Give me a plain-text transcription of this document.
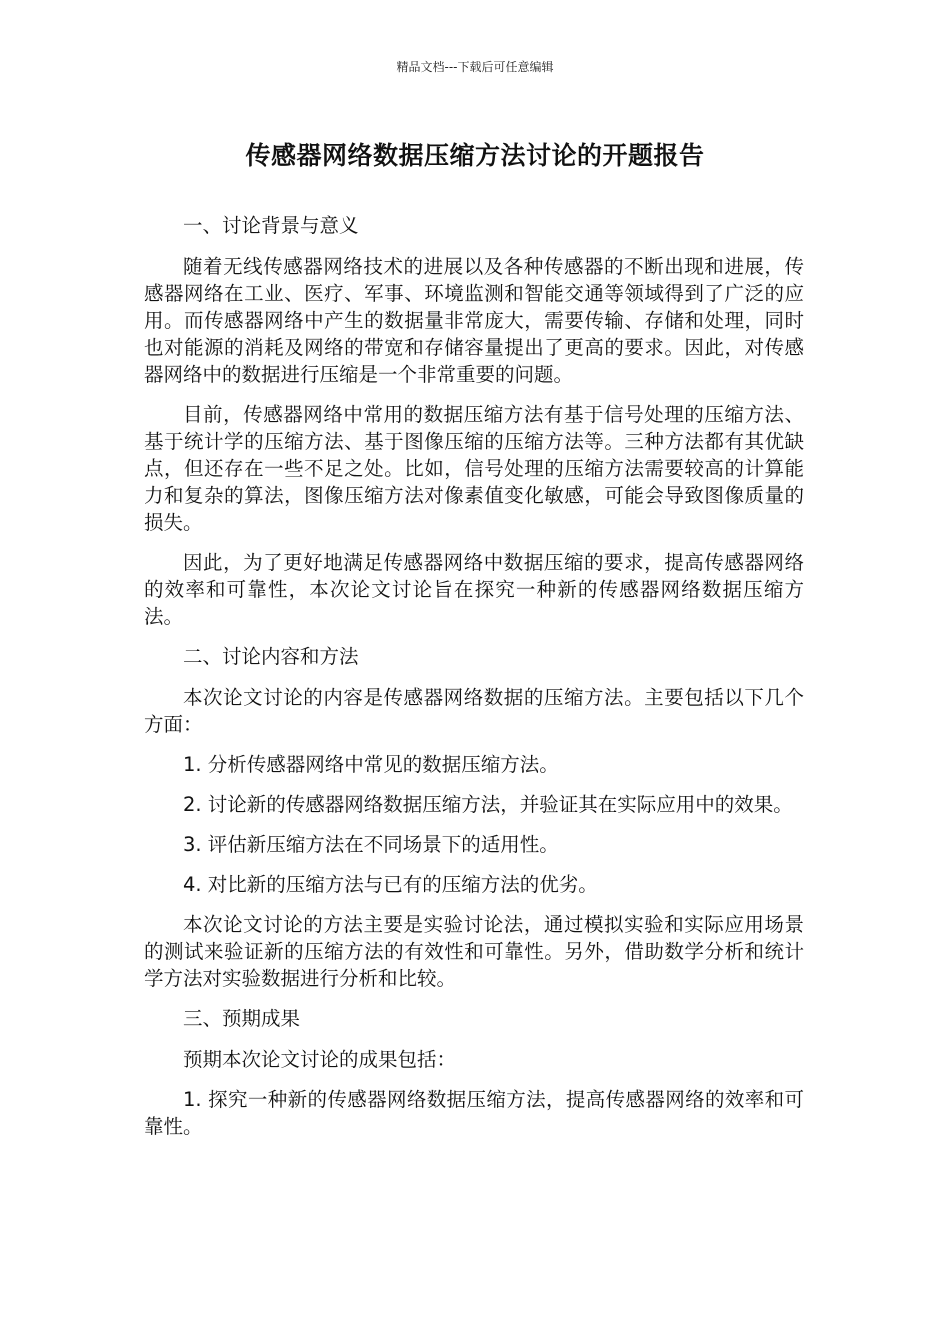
精品文档---下载后可任意编辑
传感器网络数据压缩方法讨论的开题报告

一、讨论背景与意义

随着无线传感器网络技术的进展以及各种传感器的不断出现和进展，传感器网络在工业、医疗、军事、环境监测和智能交通等领域得到了广泛的应用。而传感器网络中产生的数据量非常庞大，需要传输、存储和处理，同时也对能源的消耗及网络的带宽和存储容量提出了更高的要求。因此，对传感器网络中的数据进行压缩是一个非常重要的问题。

目前，传感器网络中常用的数据压缩方法有基于信号处理的压缩方法、基于统计学的压缩方法、基于图像压缩的压缩方法等。三种方法都有其优缺点，但还存在一些不足之处。比如，信号处理的压缩方法需要较高的计算能力和复杂的算法，图像压缩方法对像素值变化敏感，可能会导致图像质量的损失。

因此，为了更好地满足传感器网络中数据压缩的要求，提高传感器网络的效率和可靠性，本次论文讨论旨在探究一种新的传感器网络数据压缩方法。

二、讨论内容和方法

本次论文讨论的内容是传感器网络数据的压缩方法。主要包括以下几个方面：

1. 分析传感器网络中常见的数据压缩方法。

2. 讨论新的传感器网络数据压缩方法，并验证其在实际应用中的效果。

3. 评估新压缩方法在不同场景下的适用性。

4. 对比新的压缩方法与已有的压缩方法的优劣。

本次论文讨论的方法主要是实验讨论法，通过模拟实验和实际应用场景的测试来验证新的压缩方法的有效性和可靠性。另外，借助数学分析和统计学方法对实验数据进行分析和比较。

三、预期成果

预期本次论文讨论的成果包括：

1. 探究一种新的传感器网络数据压缩方法，提高传感器网络的效率和可靠性。
